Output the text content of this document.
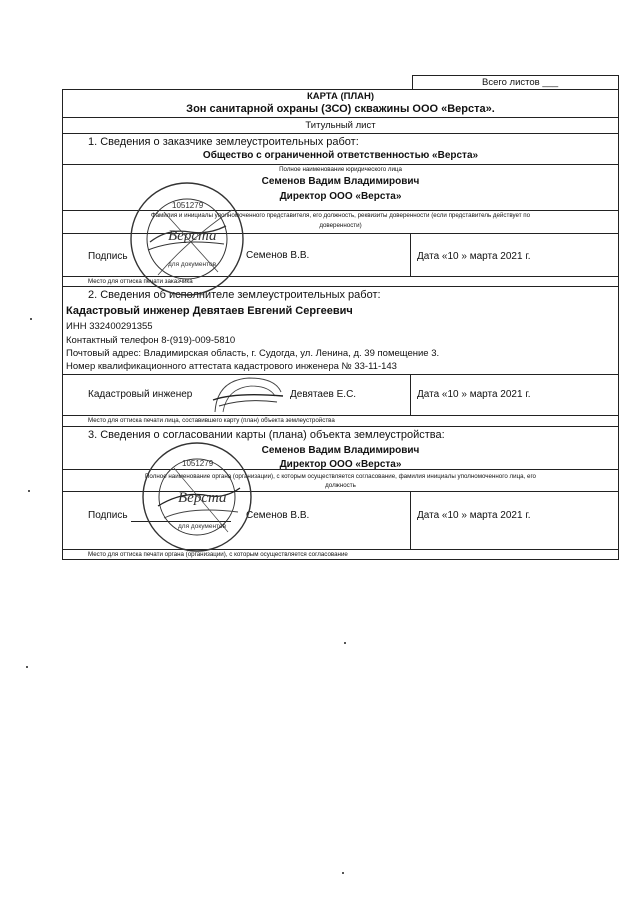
Всего листов ___
КАРТА (ПЛАН)
Зон санитарной охраны (ЗСО) скважины ООО «Верста».
Титульный лист
1. Сведения о заказчике землеустроительных работ:
Общество с ограниченной ответственностью «Верста»
Полное наименование юридического лица
Семенов Вадим Владимирович
Директор ООО «Верста»
Фамилия и инициалы уполномоченного представителя, его должность, реквизиты доверенности (если представитель действует по
доверенности)
Подпись	Семенов В.В.	Дата «10 » марта 2021 г.
Место для оттиска печати заказчика
2. Сведения об исполнителе землеустроительных работ:
Кадастровый инженер Девятаев Евгений Сергеевич
ИНН 332400291355
Контактный телефон 8-(919)-009-5810
Почтовый адрес: Владимирская область, г. Судогда, ул. Ленина, д. 39 помещение 3.
Номер квалификационного аттестата кадастрового инженера № 33-11-143
Кадастровый инженер	Девятаев Е.С.	Дата «10 » марта 2021 г.
Место для оттиска печати лица, составившего карту (план) объекта землеустройства
3. Сведения о согласовании карты (плана) объекта землеустройства:
Семенов Вадим Владимирович
Директор ООО «Верста»
Полное наименование органа (организации), с которым осуществляется согласование, фамилия инициалы уполномоченного лица, его
должность
Подпись	Семенов В.В.	Дата «10 » марта 2021 г.
Место для оттиска печати органа (организации), с которым осуществляется согласование
Верста
1051279
для документов
Верста
1051279
для документов
